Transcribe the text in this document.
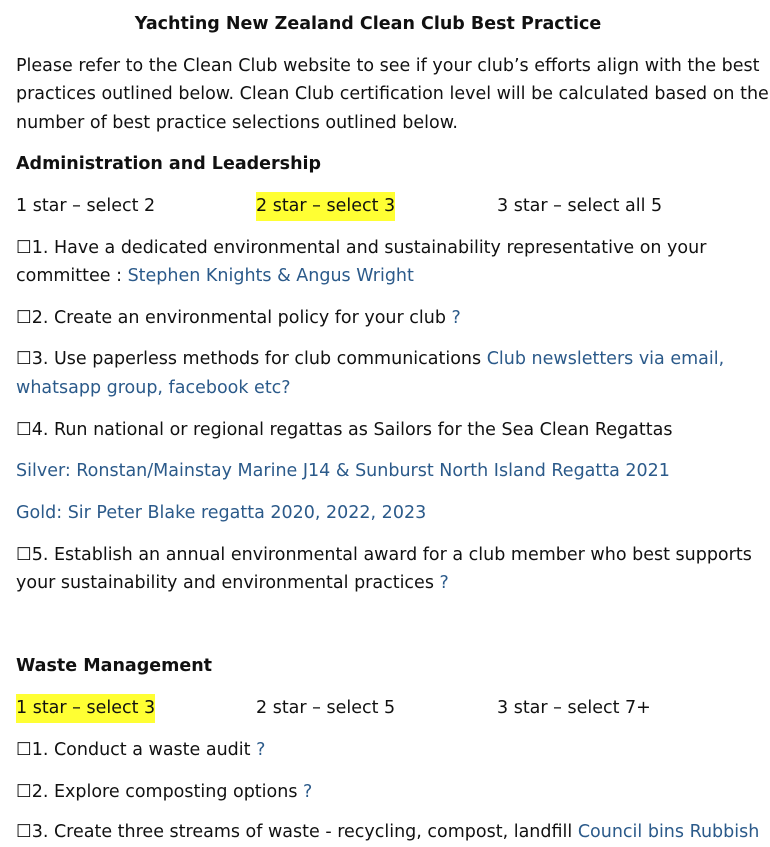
Yachting New Zealand Clean Club Best Practice

Please refer to the Clean Club website to see if your club’s efforts align with the best

practices outlined below. Clean Club certification level will be calculated based on the

number of best practice selections outlined below.

Administration and Leadership

1 star – select 2	2 star – select 3	3 star – select all 5
☐1. Have a dedicated environmental and sustainability representative on your
committee : Stephen Knights & Angus Wright
☐2. Create an environmental policy for your club ?
☐3. Use paperless methods for club communications Club newsletters via email,
whatsapp group, facebook etc?
☐4. Run national or regional regattas as Sailors for the Sea Clean Regattas

Silver: Ronstan/Mainstay Marine J14 & Sunburst North Island Regatta 2021

Gold: Sir Peter Blake regatta 2020, 2022, 2023

☐5. Establish an annual environmental award for a club member who best supports
your sustainability and environmental practices ?

Waste Management

1 star – select 3	2 star – select 5	3 star – select 7+
☐1. Conduct a waste audit ?
☐2. Explore composting options ?
☐3. Create three streams of waste - recycling, compost, landfill Council bins Rubbish
